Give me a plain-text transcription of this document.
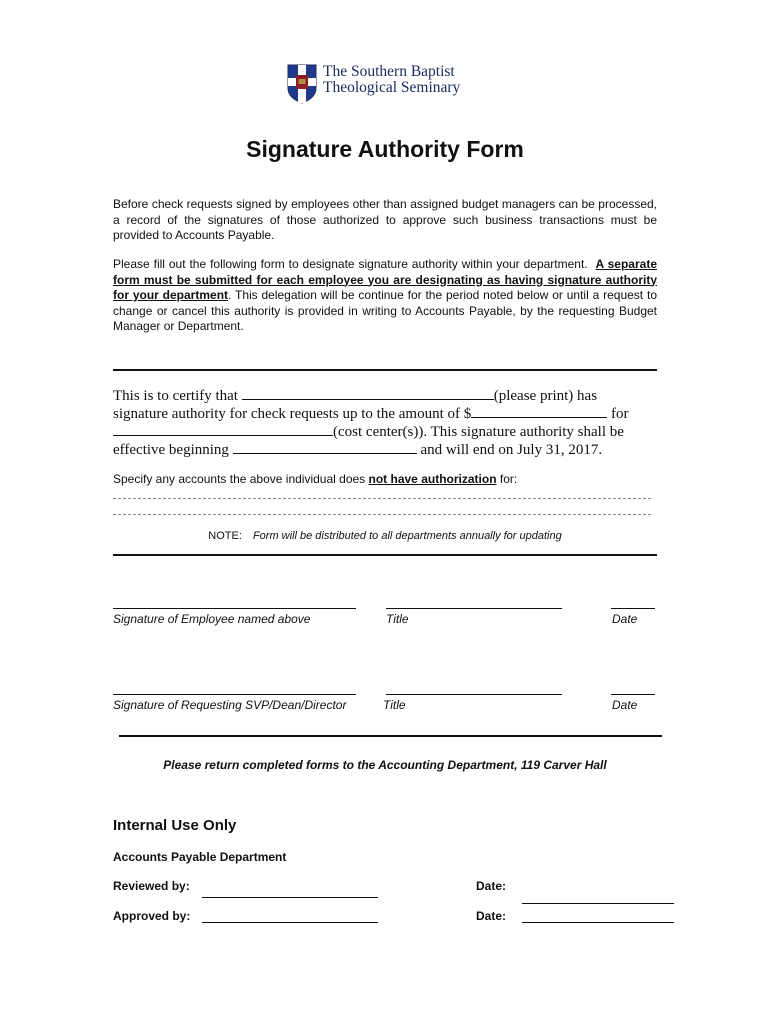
The Southern Baptist
Theological Seminary
Signature Authority Form
Before check requests signed by employees other than assigned budget managers can be processed, a record of the signatures of those authorized to approve such business transactions must be provided to Accounts Payable.
Please fill out the following form to designate signature authority within your department. A separate form must be submitted for each employee you are designating as having signature authority for your department. This delegation will be continue for the period noted below or until a request to change or cancel this authority is provided in writing to Accounts Payable, by the requesting Budget Manager or Department.
This is to certify that	(please print) has
signature authority for check requests up to the amount of $	for
(cost center(s)). This signature authority shall be
effective beginning	and will end on July 31, 2017.
Specify any accounts the above individual does not have authorization for:
NOTE: Form will be distributed to all departments annually for updating
Signature of Employee named above	Title	Date
Signature of Requesting SVP/Dean/Director	Title	Date
Please return completed forms to the Accounting Department, 119 Carver Hall
Internal Use Only
Accounts Payable Department
Reviewed by:	Date:
Approved by:	Date:
